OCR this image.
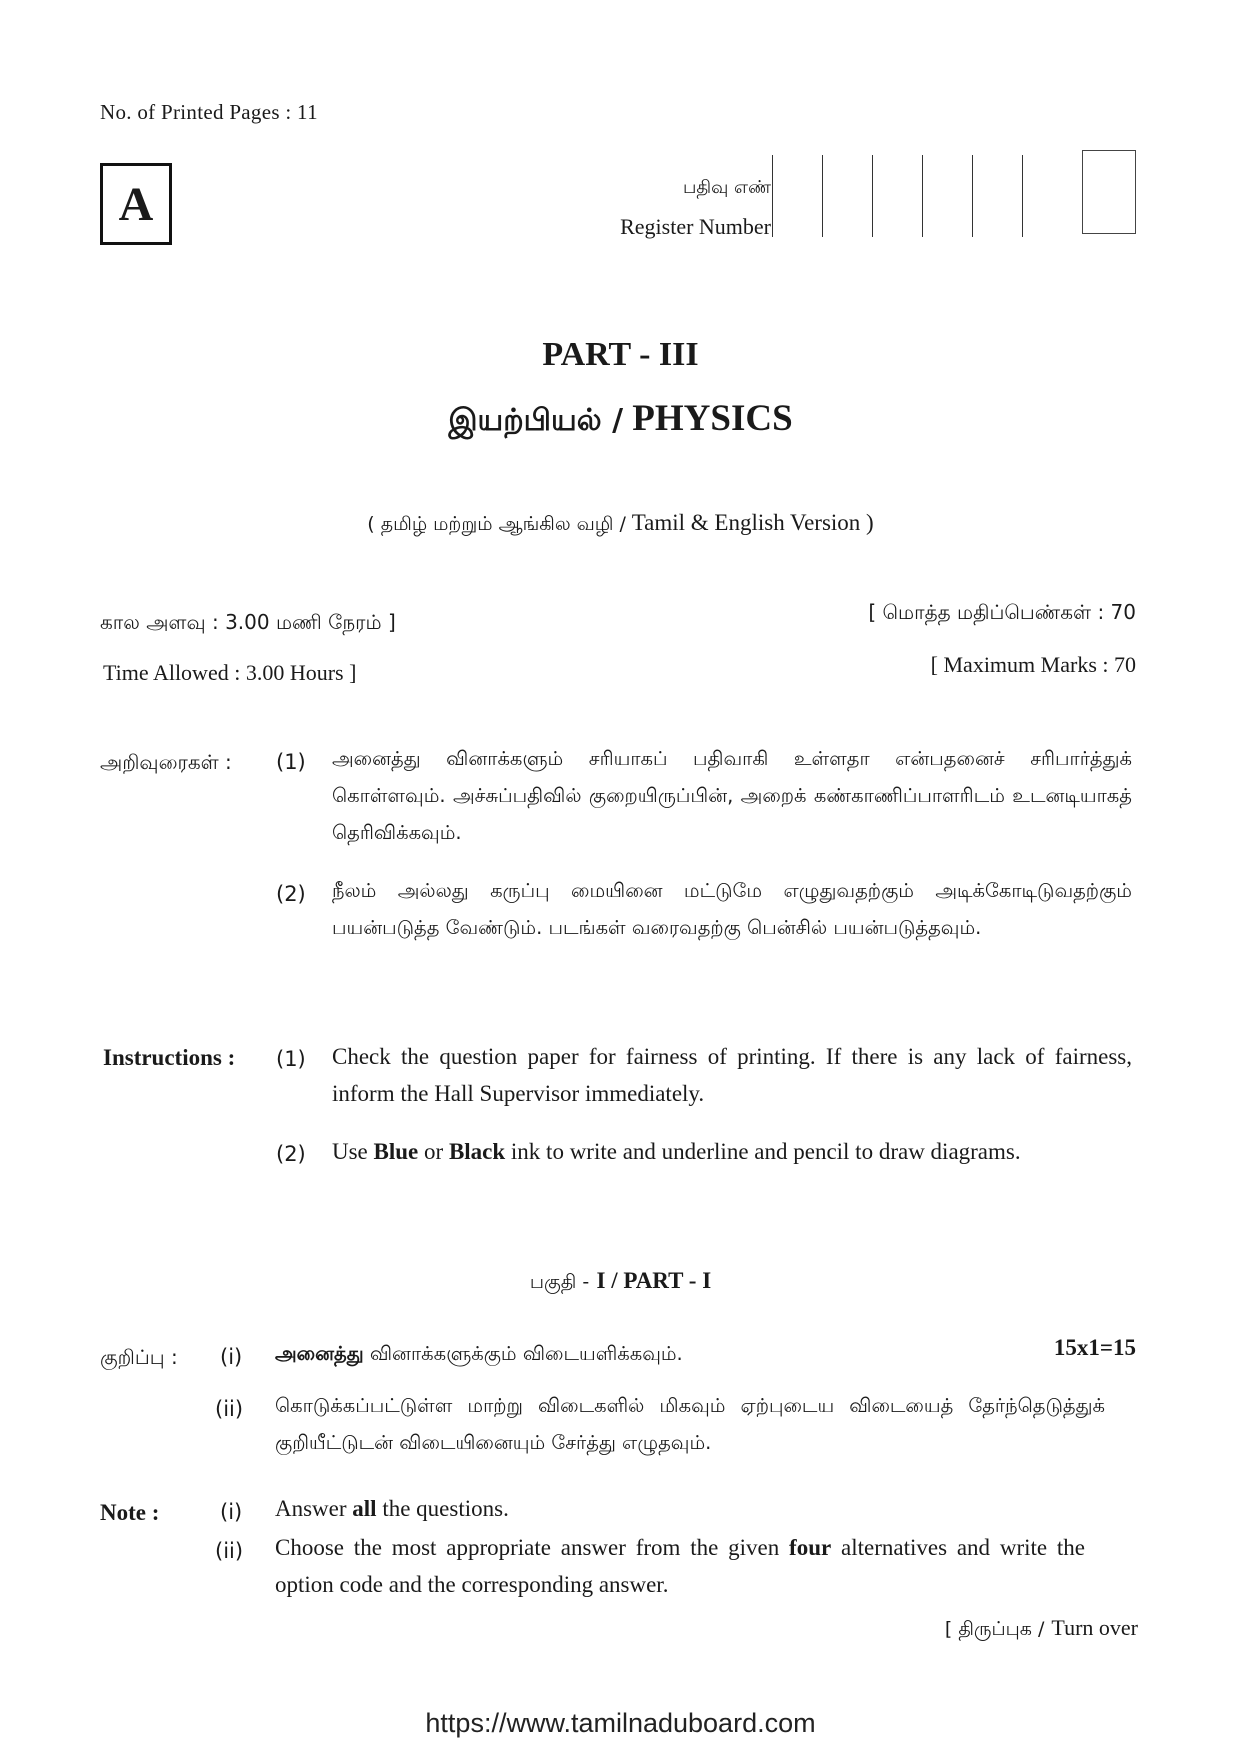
No. of Printed Pages : 11
A	பதிவு எண்
Register Number
PART - III
இயற்பியல் / PHYSICS
( தமிழ் மற்றும் ஆங்கில வழி / Tamil & English Version )
கால அளவு : 3.00 மணி நேரம் ]	[ மொத்த மதிப்பெண்கள் : 70
Time Allowed : 3.00 Hours ]	[ Maximum Marks : 70
அறிவுரைகள் : (1) அனைத்து வினாக்களும் சரியாகப் பதிவாகி உள்ளதா என்பதனைச் சரிபார்த்துக் கொள்ளவும். அச்சுப்பதிவில் குறையிருப்பின், அறைக் கண்காணிப்பாளரிடம் உடனடியாகத் தெரிவிக்கவும்.
(2) நீலம் அல்லது கருப்பு மையினை மட்டுமே எழுதுவதற்கும் அடிக்கோடிடுவதற்கும் பயன்படுத்த வேண்டும். படங்கள் வரைவதற்கு பென்சில் பயன்படுத்தவும்.
Instructions : (1) Check the question paper for fairness of printing. If there is any lack of fairness, inform the Hall Supervisor immediately.
(2) Use Blue or Black ink to write and underline and pencil to draw diagrams.
பகுதி - I / PART - I
குறிப்பு : (i) அனைத்து வினாக்களுக்கும் விடையளிக்கவும்.	15x1=15
(ii) கொடுக்கப்பட்டுள்ள மாற்று விடைகளில் மிகவும் ஏற்புடைய விடையைத் தேர்ந்தெடுத்துக் குறியீட்டுடன் விடையினையும் சேர்த்து எழுதவும்.
Note :	(i) Answer all the questions.
(ii) Choose the most appropriate answer from the given four alternatives and write the option code and the corresponding answer.
[ திருப்புக / Turn over
https://www.tamilnaduboard.com
